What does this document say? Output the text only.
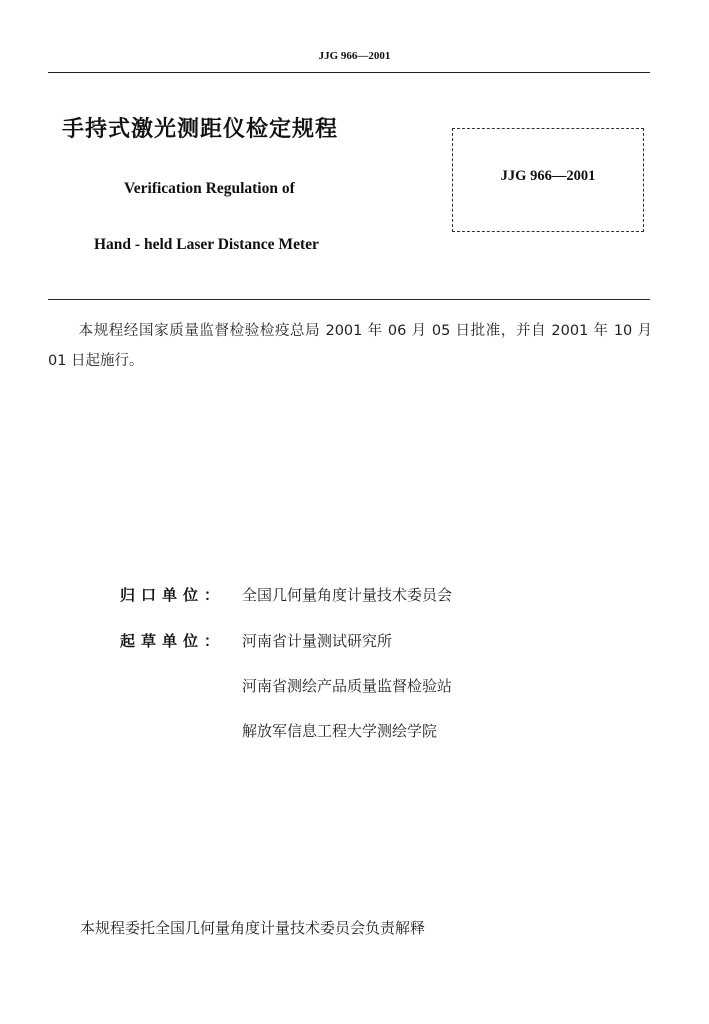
JJG 966—2001
手持式激光测距仪检定规程
Verification Regulation of
Hand - held Laser Distance Meter
JJG 966—2001
本规程经国家质量监督检验检疫总局 2001 年 06 月 05 日批准，并自 2001 年 10 月 01 日起施行。
归口单位： 全国几何量角度计量技术委员会
起草单位： 河南省计量测试研究所
河南省测绘产品质量监督检验站
解放军信息工程大学测绘学院
本规程委托全国几何量角度计量技术委员会负责解释
